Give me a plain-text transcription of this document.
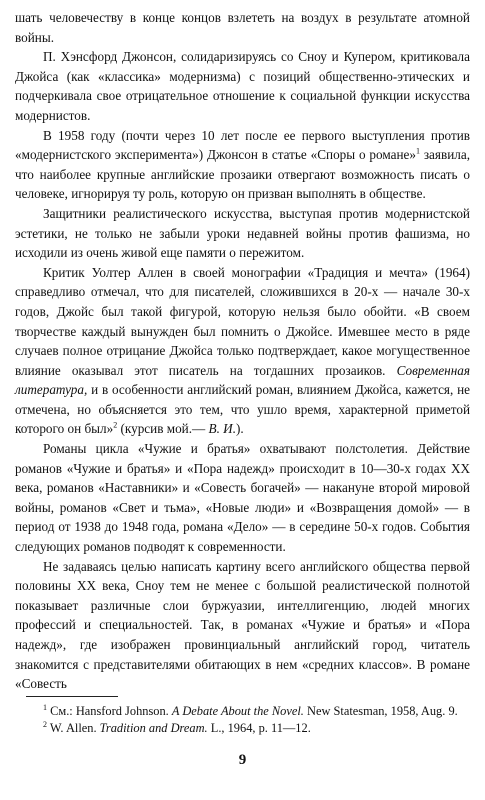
шать человечеству в конце концов взлететь на воздух в результате атомной войны.

П. Хэнсфорд Джонсон, солидаризируясь со Сноу и Купером, критиковала Джойса (как «классика» модернизма) с позиций общественно-этических и подчеркивала свое отрицательное отношение к социальной функции искусства модернистов.

В 1958 году (почти через 10 лет после ее первого выступления против «модернистского эксперимента») Джонсон в статье «Споры о романе»$^1$ заявила, что наиболее крупные английские прозаики отвергают возможность писать о человеке, игнорируя ту роль, которую он призван выполнять в обществе.

Защитники реалистического искусства, выступая против модернистской эстетики, не только не забыли уроки недавней войны против фашизма, но исходили из очень живой еще памяти о пережитом.

Критик Уолтер Аллен в своей монографии «Традиция и мечта» (1964) справедливо отмечал, что для писателей, сложившихся в 20-х — начале 30-х годов, Джойс был такой фигурой, которую нельзя было обойти. «В своем творчестве каждый вынужден был помнить о Джойсе. Имевшее место в ряде случаев полное отрицание Джойса только подтверждает, какое могущественное влияние оказывал этот писатель на тогдашних прозаиков. Современная литература, и в особенности английский роман, влиянием Джойса, кажется, не отмечена, но объясняется это тем, что ушло время, характерной приметой которого он был»$^2$ (курсив мой.— В. И.).

Романы цикла «Чужие и братья» охватывают полстолетия. Действие романов «Чужие и братья» и «Пора надежд» происходит в 10—30-х годах XX века, романов «Наставники» и «Совесть богачей» — накануне второй мировой войны, романов «Свет и тьма», «Новые люди» и «Возвращения домой» — в период от 1938 до 1948 года, романа «Дело» — в середине 50-х годов. События следующих романов подводят к современности.

Не задаваясь целью написать картину всего английского общества первой половины XX века, Сноу тем не менее с большой реалистической полнотой показывает различные слои буржуазии, интеллигенцию, людей многих профессий и специальностей. Так, в романах «Чужие и братья» и «Пора надежд», где изображен провинциальный английский город, читатель знакомится с представителями обитающих в нем «средних классов». В романе «Совесть

$^1$ См.: Hansford Johnson. A Debate About the Novel. New Statesman, 1958, Aug. 9.

$^2$ W. Allen. Tradition and Dream. L., 1964, p. 11—12.

9
